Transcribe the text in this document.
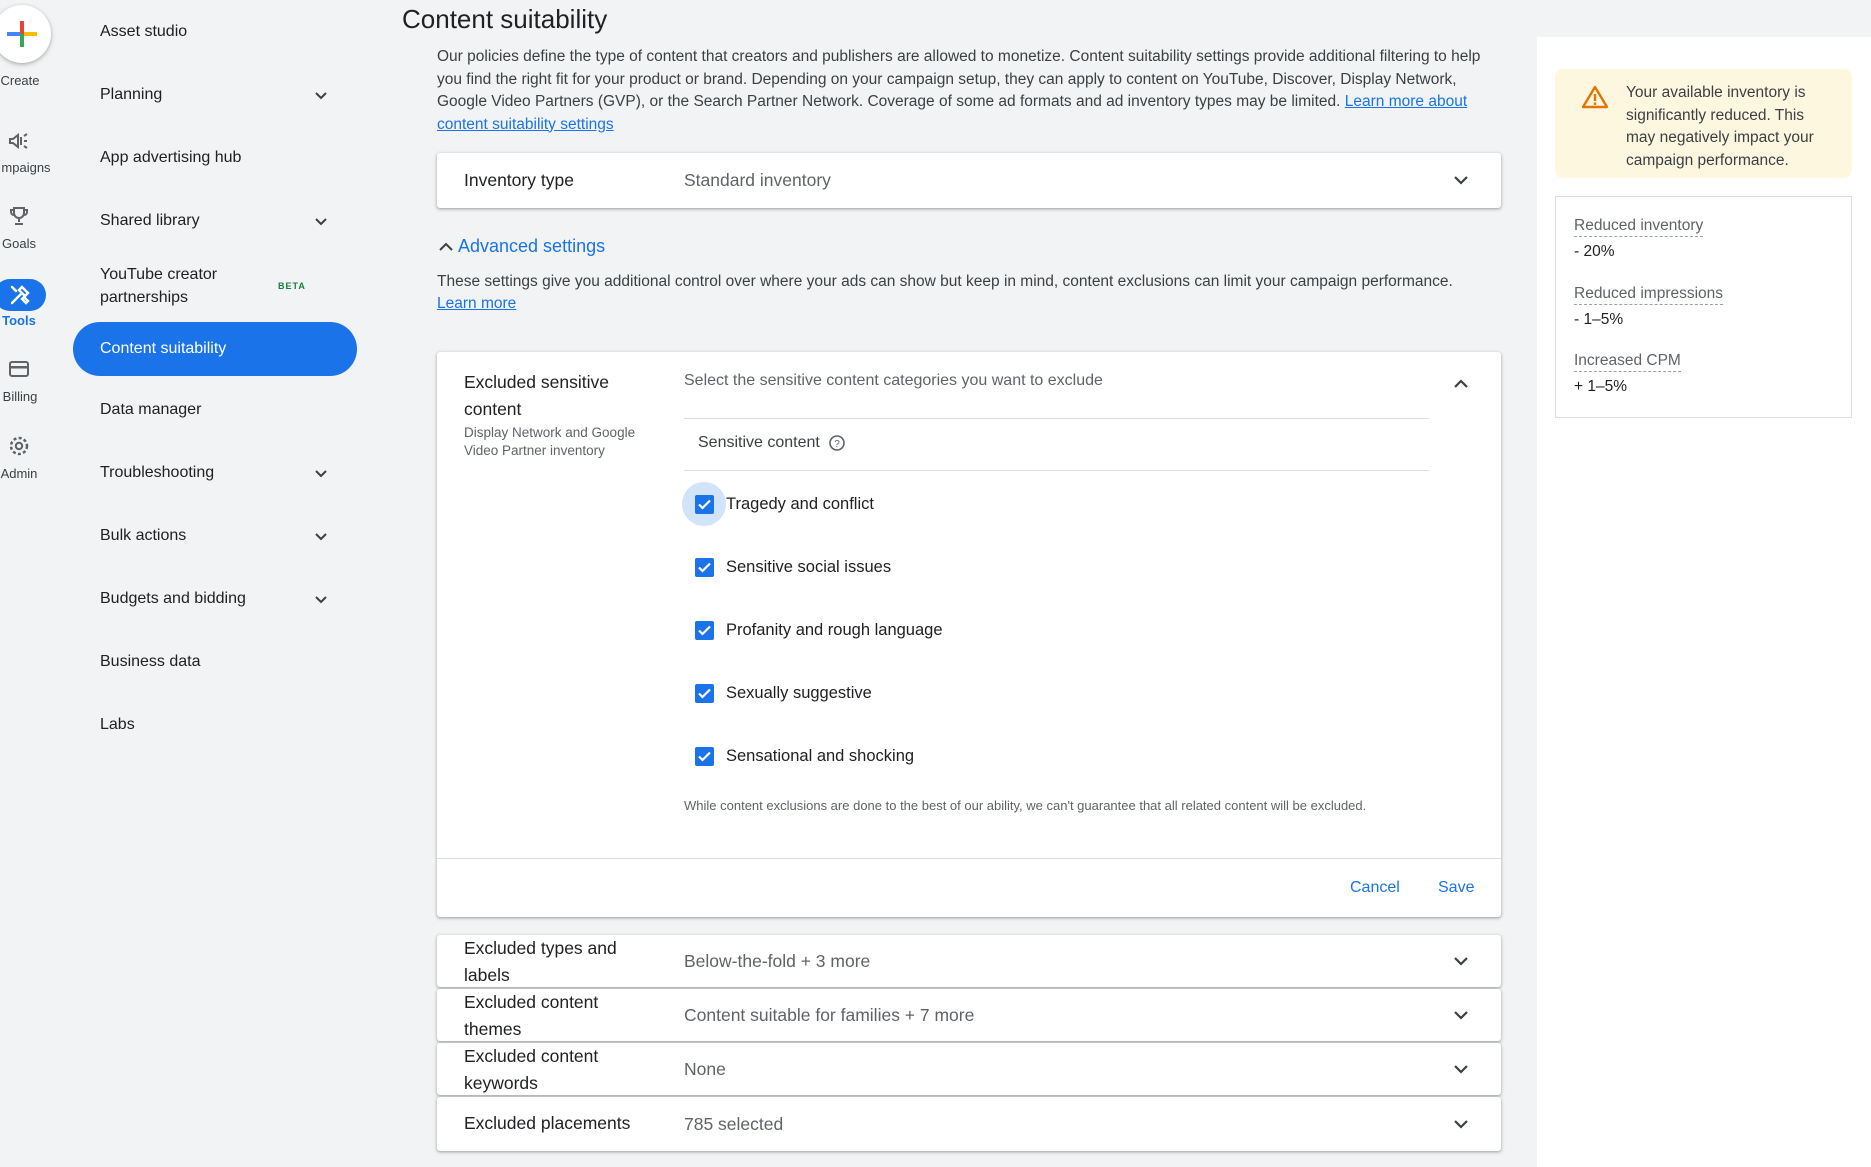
Create
mpaigns
Goals
Tools
Billing
Admin
Asset studio
Planning
App advertising hub
Shared library
YouTube creator partnerships
BETA
Content suitability
Data manager
Troubleshooting
Bulk actions
Budgets and bidding
Business data
Labs
Content suitability
Our policies define the type of content that creators and publishers are allowed to monetize. Content suitability settings provide additional filtering to help you find the right fit for your product or brand. Depending on your campaign setup, they can apply to content on YouTube, Discover, Display Network, Google Video Partners (GVP), or the Search Partner Network. Coverage of some ad formats and ad inventory types may be limited. Learn more about content suitability settings
Inventory type	Standard inventory
Advanced settings
These settings give you additional control over where your ads can show but keep in mind, content exclusions can limit your campaign performance. Learn more
Excluded sensitive content
Display Network and Google Video Partner inventory
Select the sensitive content categories you want to exclude
Sensitive content ?
Tragedy and conflict
Sensitive social issues
Profanity and rough language
Sexually suggestive
Sensational and shocking
While content exclusions are done to the best of our ability, we can't guarantee that all related content will be excluded.
Cancel Save
Excluded types and labels
Below-the-fold + 3 more
Excluded content themes
Content suitable for families + 7 more
Excluded content keywords
None
Excluded placements	785 selected
Your available inventory is significantly reduced. This may negatively impact your campaign performance.
Reduced inventory
- 20%
Reduced impressions
- 1–5%
Increased CPM
+ 1–5%
